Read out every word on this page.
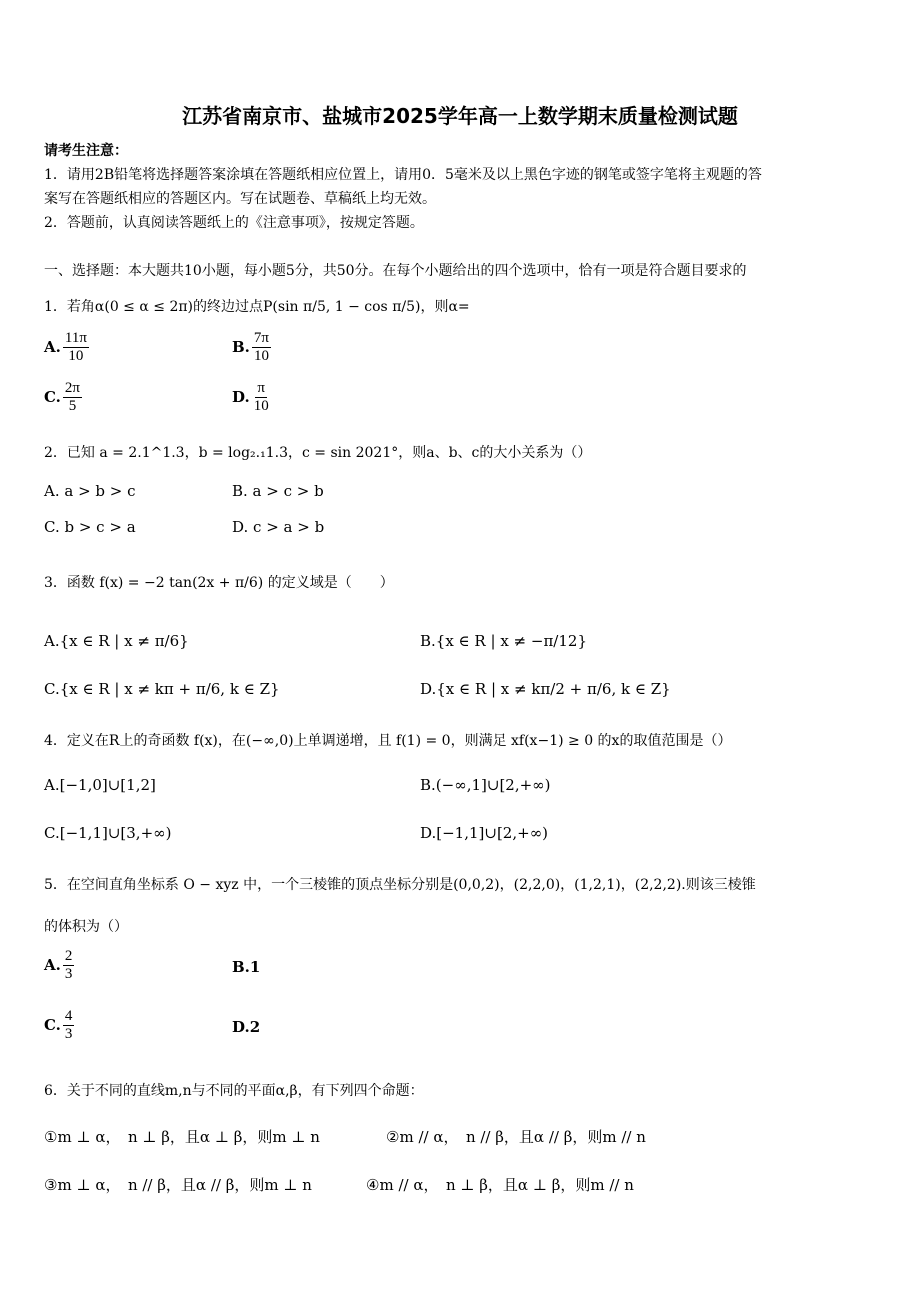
江苏省南京市、盐城市2025学年高一上数学期末质量检测试题
请考生注意：
1．请用2B铅笔将选择题答案涂填在答题纸相应位置上，请用0．5毫米及以上黑色字迹的钢笔或签字笔将主观题的答
案写在答题纸相应的答题区内。写在试题卷、草稿纸上均无效。
2．答题前，认真阅读答题纸上的《注意事项》，按规定答题。
一、选择题：本大题共10小题，每小题5分，共50分。在每个小题给出的四个选项中，恰有一项是符合题目要求的
1．若角α(0 ≤ α ≤ 2π)的终边过点P(sin π/5, 1 − cos π/5)，则α=
A. $\frac{11\pi}{10}$	B. $\frac{7\pi}{10}$
C. $\frac{2\pi}{5}$	D. $\frac{\pi}{10}$
2．已知 a = 2.1^1.3，b = log₂.₁1.3，c = sin 2021°，则a、b、c的大小关系为（）
A. a > b > c	B. a > c > b
C. b > c > a	D. c > a > b
3．函数 f(x) = −2 tan(2x + π/6) 的定义域是（　　）
A.{x ∈ R | x ≠ π/6}	B.{x ∈ R | x ≠ −π/12}
C.{x ∈ R | x ≠ kπ + π/6, k ∈ Z}	D.{x ∈ R | x ≠ kπ/2 + π/6, k ∈ Z}
4．定义在R上的奇函数 f(x)，在(−∞,0)上单调递增，且 f(1) = 0，则满足 xf(x−1) ≥ 0 的x的取值范围是（）
A.[−1,0]∪[1,2]	B.(−∞,1]∪[2,+∞)
C.[−1,1]∪[3,+∞)	D.[−1,1]∪[2,+∞)
5．在空间直角坐标系 O − xyz 中，一个三棱锥的顶点坐标分别是(0,0,2)，(2,2,0)，(1,2,1)，(2,2,2).则该三棱锥
的体积为（）
A. $\frac{2}{3}$	B.1
C. $\frac{4}{3}$	D.2
6．关于不同的直线m,n与不同的平面α,β，有下列四个命题：
①m ⊥ α，　n ⊥ β，且α ⊥ β，则m ⊥ n	②m // α，　n // β，且α // β，则m // n
③m ⊥ α，　n // β，且α // β，则m ⊥ n	④m // α，　n ⊥ β，且α ⊥ β，则m // n
